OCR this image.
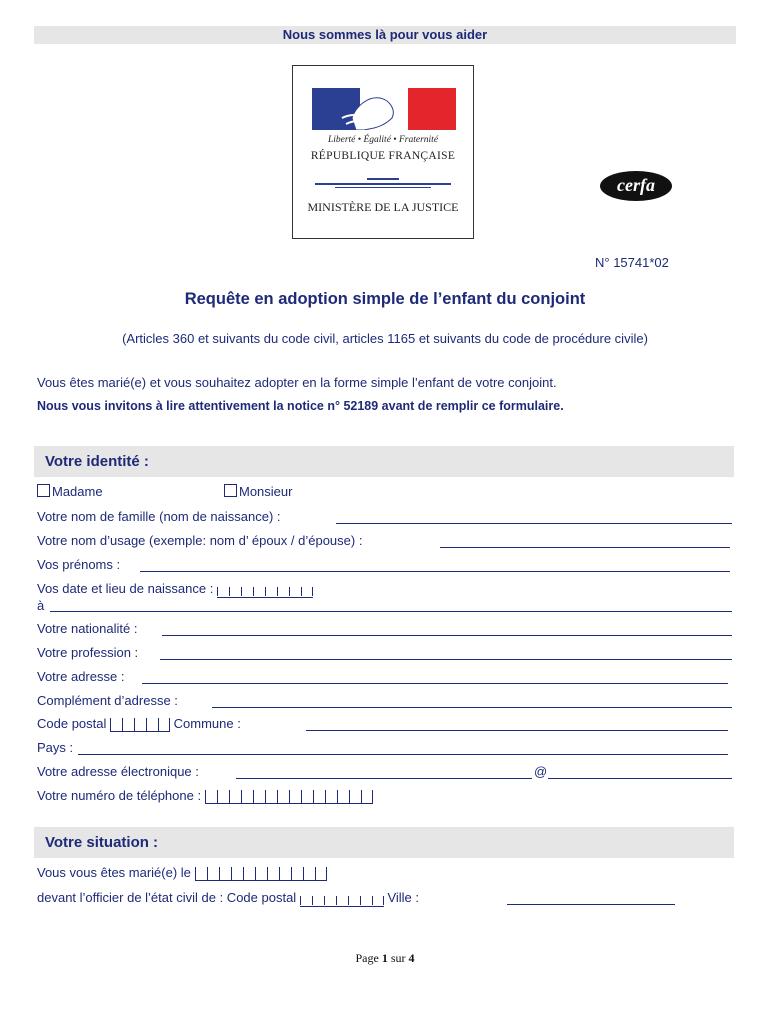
Nous sommes là pour vous aider
Liberté • Égalité • Fraternité
RÉPUBLIQUE FRANÇAISE
MINISTÈRE DE LA JUSTICE
cerfa
N° 15741*02
Requête en adoption simple de l’enfant du conjoint
(Articles 360 et suivants du code civil, articles 1165 et suivants du code de procédure civile)
Vous êtes marié(e) et vous souhaitez adopter en la forme simple l’enfant de votre conjoint.
Nous vous invitons à lire attentivement la notice n° 52189 avant de remplir ce formulaire.
Votre identité :
Madame	Monsieur
Votre nom de famille (nom de naissance) :
Votre nom d’usage (exemple: nom d’ époux / d’épouse) :
Vos prénoms :
Vos date et lieu de naissance :
à
Votre nationalité :
Votre profession :
Votre adresse :
Complément d’adresse :
Code postal	Commune :
Pays :
Votre adresse électronique :	@
Votre numéro de téléphone :
Votre situation :
Vous vous êtes marié(e) le
devant l’officier de l’état civil de : Code postal	Ville :
Page 1 sur 4
